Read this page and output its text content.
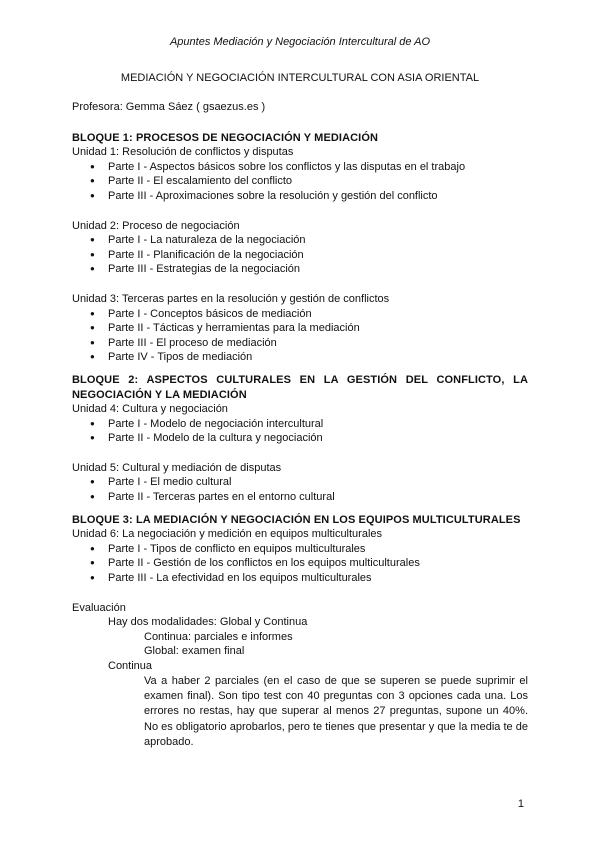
Apuntes Mediación y Negociación Intercultural de AO
MEDIACIÓN Y NEGOCIACIÓN INTERCULTURAL CON ASIA ORIENTAL
Profesora: Gemma Sáez ( gsaezus.es )
BLOQUE 1: PROCESOS DE NEGOCIACIÓN Y MEDIACIÓN
Unidad 1: Resolución de conflictos y disputas
● Parte I - Aspectos básicos sobre los conflictos y las disputas en el trabajo
● Parte II - El escalamiento del conflicto
● Parte III - Aproximaciones sobre la resolución y gestión del conflicto
Unidad 2: Proceso de negociación
● Parte I - La naturaleza de la negociación
● Parte II - Planificación de la negociación
● Parte III - Estrategias de la negociación
Unidad 3: Terceras partes en la resolución y gestión de conflictos
● Parte I - Conceptos básicos de mediación
● Parte II - Tácticas y herramientas para la mediación
● Parte III - El proceso de mediación
● Parte IV - Tipos de mediación
BLOQUE 2: ASPECTOS CULTURALES EN LA GESTIÓN DEL CONFLICTO, LA NEGOCIACIÓN Y LA MEDIACIÓN
Unidad 4: Cultura y negociación
● Parte I - Modelo de negociación intercultural
● Parte II - Modelo de la cultura y negociación
Unidad 5: Cultural y mediación de disputas
● Parte I - El medio cultural
● Parte II - Terceras partes en el entorno cultural
BLOQUE 3: LA MEDIACIÓN Y NEGOCIACIÓN EN LOS EQUIPOS MULTICULTURALES
Unidad 6: La negociación y medición en equipos multiculturales
● Parte I - Tipos de conflicto en equipos multiculturales
● Parte II - Gestión de los conflictos en los equipos multiculturales
● Parte III - La efectividad en los equipos multiculturales
Evaluación
Hay dos modalidades: Global y Continua
Continua: parciales e informes
Global: examen final
Continua
Va a haber 2 parciales (en el caso de que se superen se puede suprimir el examen final). Son tipo test con 40 preguntas con 3 opciones cada una. Los errores no restas, hay que superar al menos 27 preguntas, supone un 40%. No es obligatorio aprobarlos, pero te tienes que presentar y que la media te de aprobado.
1
